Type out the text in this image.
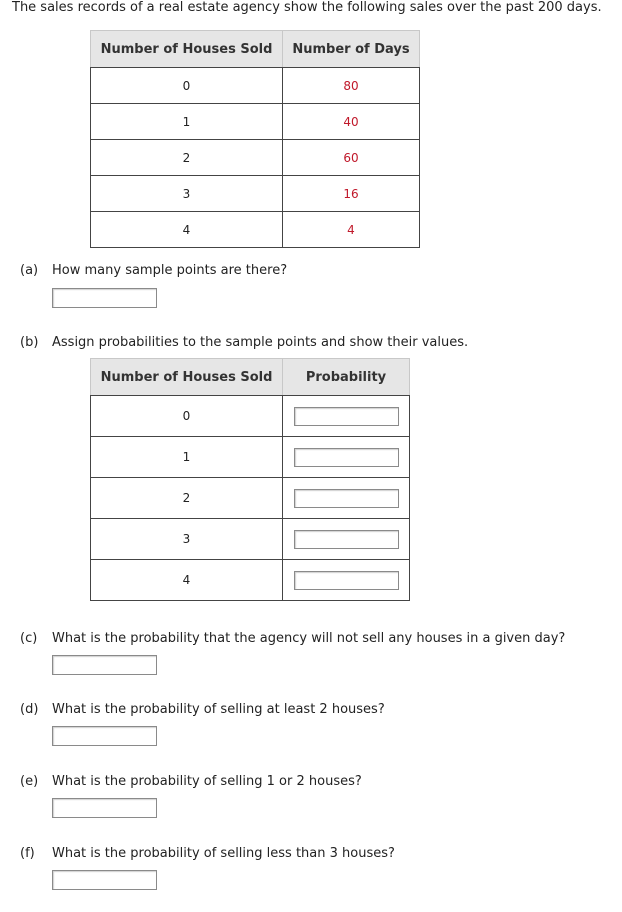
The sales records of a real estate agency show the following sales over the past 200 days.
Number of Houses Sold	Number of Days
0	80
1	40
2	60
3	16
4	4
(a) How many sample points are there?
(b) Assign probabilities to the sample points and show their values.
Number of Houses Sold	Probability
0	
1	
2	
3	
4	
(c) What is the probability that the agency will not sell any houses in a given day?
(d) What is the probability of selling at least 2 houses?
(e) What is the probability of selling 1 or 2 houses?
(f) What is the probability of selling less than 3 houses?
